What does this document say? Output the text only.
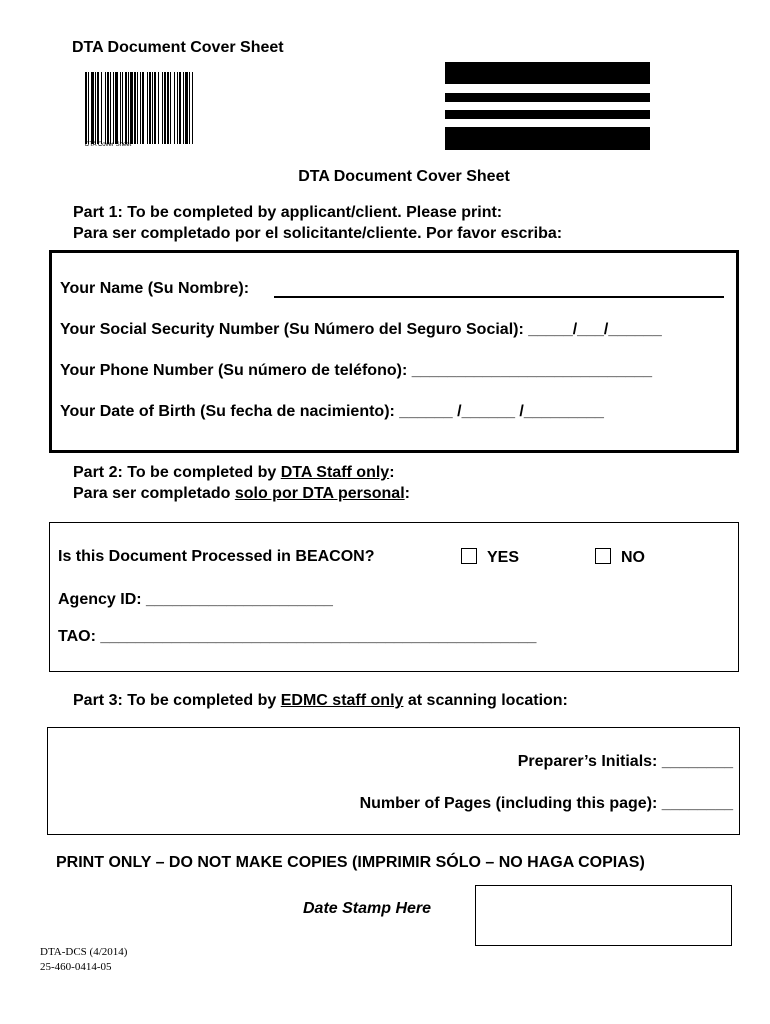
DTA Document Cover Sheet
DTA Cover Sheet
DTA Document Cover Sheet
Part 1: To be completed by applicant/client. Please print:
Para ser completado por el solicitante/cliente. Por favor escriba:
Your Name (Su Nombre):
Your Social Security Number (Su Número del Seguro Social): _____/___/______
Your Phone Number (Su número de teléfono): ___________________________
Your Date of Birth (Su fecha de nacimiento): ______ /______ /_________
Part 2: To be completed by DTA Staff only:
Para ser completado solo por DTA personal:
Is this Document Processed in BEACON?	YES	NO
Agency ID: _____________________
TAO: _________________________________________________
Part 3: To be completed by EDMC staff only at scanning location:
Preparer’s Initials: ________
Number of Pages (including this page): ________
PRINT ONLY – DO NOT MAKE COPIES (IMPRIMIR SÓLO – NO HAGA COPIAS)
Date Stamp Here
DTA-DCS (4/2014)
25-460-0414-05
